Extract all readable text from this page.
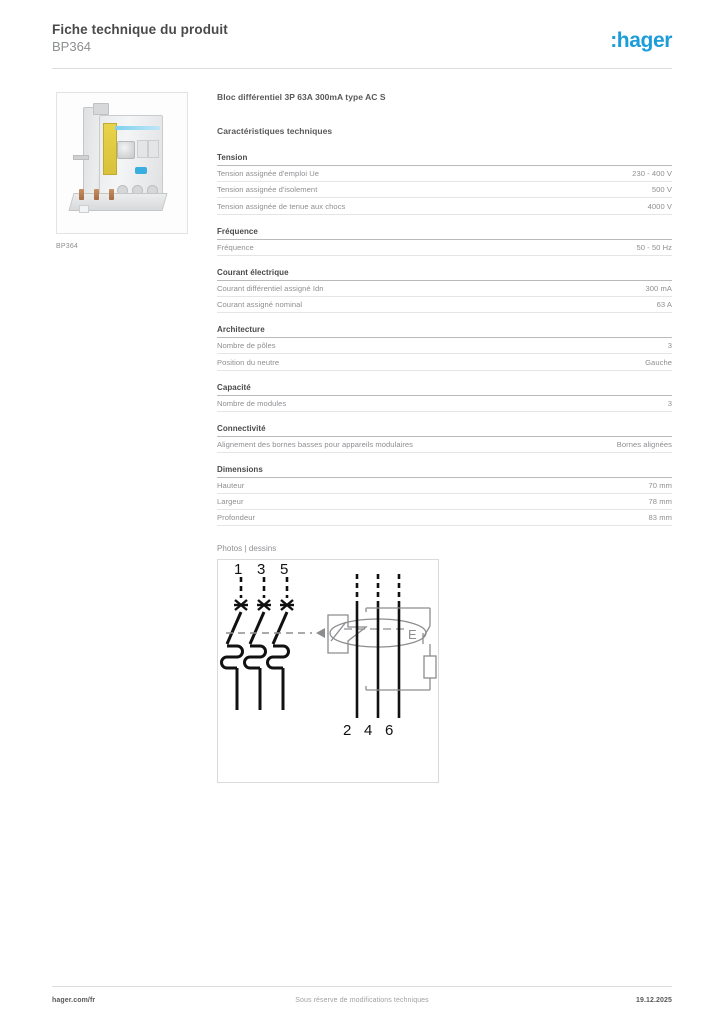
Fiche technique du produit
BP364	:hager
BP364
Bloc différentiel 3P 63A 300mA type AC S
Caractéristiques techniques
Tension
Tension assignée d'emploi Ue	230 - 400 V
Tension assignée d'isolement	500 V
Tension assignée de tenue aux chocs	4000 V
Fréquence
Fréquence	50 - 50 Hz
Courant électrique
Courant différentiel assigné Idn	300 mA
Courant assigné nominal	63 A
Architecture
Nombre de pôles	3
Position du neutre	Gauche
Capacité
Nombre de modules	3
Connectivité
Alignement des bornes basses pour appareils modulaires	Bornes alignées
Dimensions
Hauteur	70 mm
Largeur	78 mm
Profondeur	83 mm
Photos | dessins
1 3 5
2 4 6
E
hager.com/fr	Sous réserve de modifications techniques	19.12.2025
